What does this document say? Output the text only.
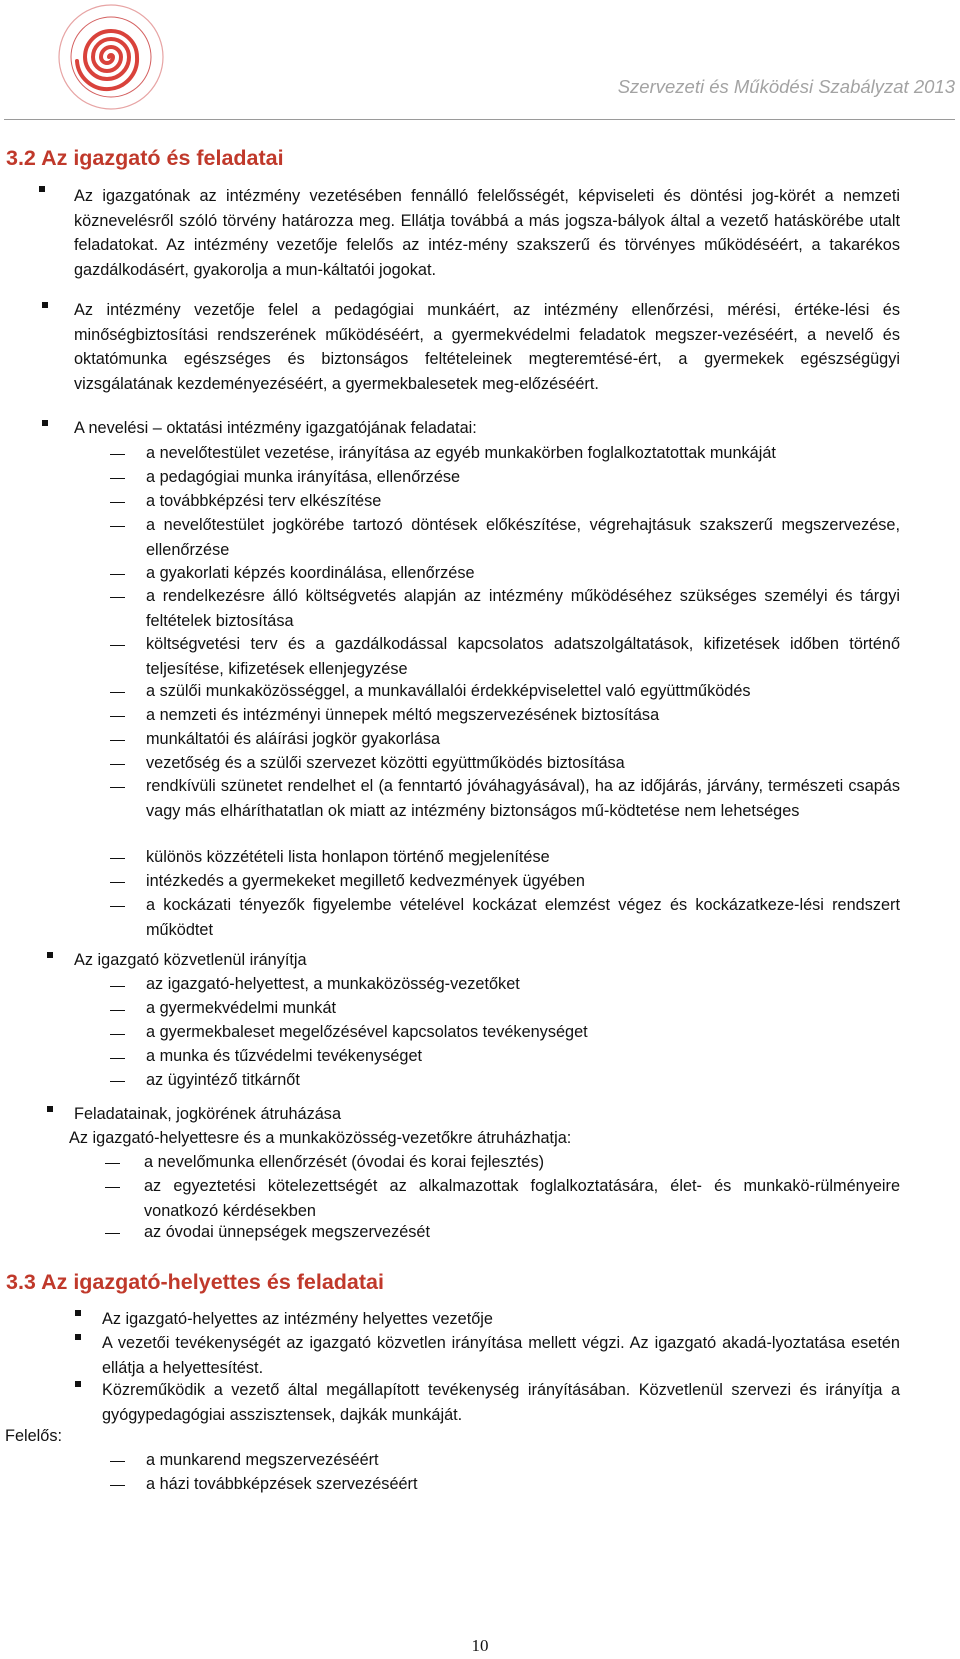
Szervezeti és Működési Szabályzat 2013
3.2 Az igazgató és feladatai
Az igazgatónak az intézmény vezetésében fennálló felelősségét, képviseleti és döntési jog-körét a nemzeti köznevelésről szóló törvény határozza meg. Ellátja továbbá a más jogsza-bályok által a vezető hatáskörébe utalt feladatokat. Az intézmény vezetője felelős az intéz-mény szakszerű és törvényes működéséért, a takarékos gazdálkodásért, gyakorolja a mun-káltatói jogokat.
Az intézmény vezetője felel a pedagógiai munkáért, az intézmény ellenőrzési, mérési, értéke-lési és minőségbiztosítási rendszerének működéséért, a gyermekvédelmi feladatok megszer-vezéséért, a nevelő és oktatómunka egészséges és biztonságos feltételeinek megteremtésé-ért, a gyermekek egészségügyi vizsgálatának kezdeményezéséért, a gyermekbalesetek meg-előzéséért.
A nevelési – oktatási intézmény igazgatójának feladatai:
a nevelőtestület vezetése, irányítása az egyéb munkakörben foglalkoztatottak munkáját
a pedagógiai munka irányítása, ellenőrzése
a továbbképzési terv elkészítése
a nevelőtestület jogkörébe tartozó döntések előkészítése, végrehajtásuk szakszerű megszervezése, ellenőrzése
a gyakorlati képzés koordinálása, ellenőrzése
a rendelkezésre álló költségvetés alapján az intézmény működéséhez szükséges személyi és tárgyi feltételek biztosítása
költségvetési terv és a gazdálkodással kapcsolatos adatszolgáltatások, kifizetések időben történő teljesítése, kifizetések ellenjegyzése
a szülői munkaközösséggel, a munkavállalói érdekképviselettel való együttműködés
a nemzeti és intézményi ünnepek méltó megszervezésének biztosítása
munkáltatói és aláírási jogkör gyakorlása
vezetőség és a szülői szervezet közötti együttműködés biztosítása
rendkívüli szünetet rendelhet el (a fenntartó jóváhagyásával), ha az időjárás, járvány, természeti csapás vagy más elháríthatatlan ok miatt az intézmény biztonságos mű-ködtetése nem lehetséges
különös közzétételi lista honlapon történő megjelenítése
intézkedés a gyermekeket megillető kedvezmények ügyében
a kockázati tényezők figyelembe vételével kockázat elemzést végez és kockázatkeze-lési rendszert működtet
Az igazgató közvetlenül irányítja
az igazgató-helyettest, a munkaközösség-vezetőket
a gyermekvédelmi munkát
a gyermekbaleset megelőzésével kapcsolatos tevékenységet
a munka és tűzvédelmi tevékenységet
az ügyintéző titkárnőt
Feladatainak, jogkörének átruházása
Az igazgató-helyettesre és a munkaközösség-vezetőkre átruházhatja:
a nevelőmunka ellenőrzését (óvodai és korai fejlesztés)
az egyeztetési kötelezettségét az alkalmazottak foglalkoztatására, élet- és munkakö-rülményeire vonatkozó kérdésekben
az óvodai ünnepségek megszervezését
3.3 Az igazgató-helyettes és feladatai
Az igazgató-helyettes az intézmény helyettes vezetője
A vezetői tevékenységét az igazgató közvetlen irányítása mellett végzi. Az igazgató akadá-lyoztatása esetén ellátja a helyettesítést.
Közreműködik a vezető által megállapított tevékenység irányításában. Közvetlenül szervezi és irányítja a gyógypedagógiai asszisztensek, dajkák munkáját.
Felelős:
a munkarend megszervezéséért
a házi továbbképzések szervezéséért
10
